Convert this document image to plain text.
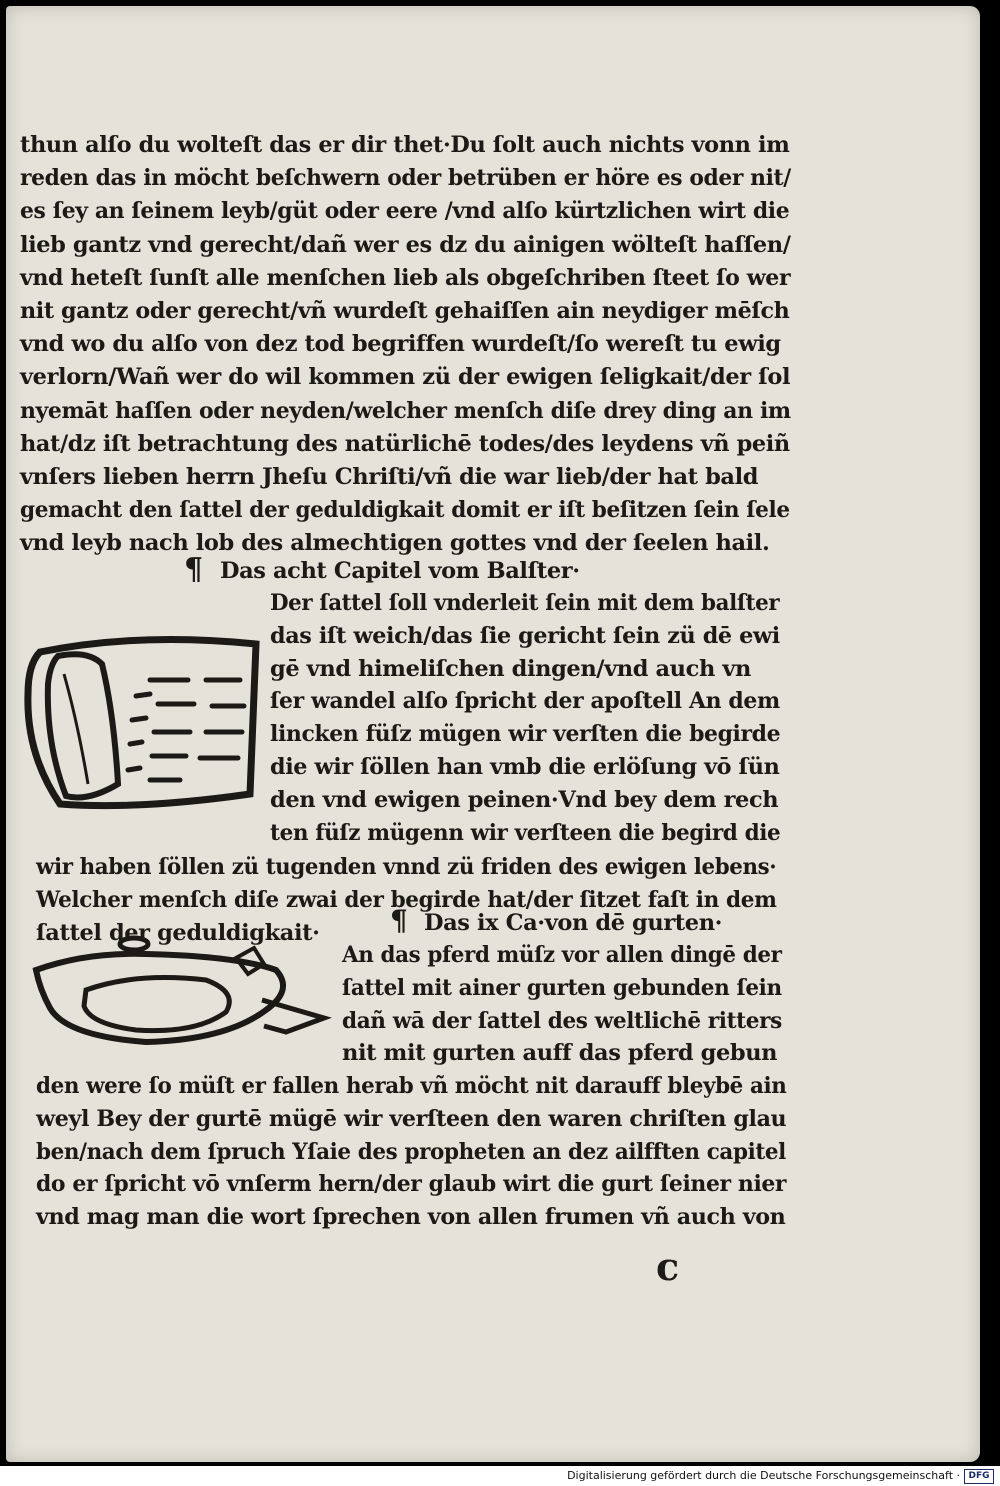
thun alſo du wolteſt das er dir thet·Du ſolt auch nichts vonn im
reden das in möcht beſchwern oder betrüben er höre es oder nit/
es ſey an ſeinem leyb/güt oder eere /vnd alſo kürtzlichen wirt die
lieb gantz vnd gerecht/dañ wer es dz du ainigen wölteſt haſſen/
vnd heteſt ſunſt alle menſchen lieb als obgeſchriben ſteet ſo wer
nit gantz oder gerecht/vñ wurdeſt gehaiſſen ain neydiger mēſch
vnd wo du alſo von dez tod begriffen wurdeſt/ſo wereſt tu ewig
verlorn/Wañ wer do wil kommen zü der ewigen ſeligkait/der ſol
nyemāt haſſen oder neyden/welcher menſch diſe drey ding an im
hat/dz iſt betrachtung des natürlichē todes/des leydens vñ peiñ
vnſers lieben herrn Jheſu Chriſti/vñ die war lieb/der hat bald
gemacht den ſattel der geduldigkait domit er iſt beſitzen ſein ſele
vnd leyb nach lob des almechtigen gottes vnd der ſeelen hail.
¶ Das acht Capitel vom Balſter·
Der ſattel ſoll vnderleit ſein mit dem balſter
das iſt weich/das ſie gericht ſein zü dē ewi
gē vnd himeliſchen dingen/vnd auch vn
ſer wandel alſo ſpricht der apoſtell An dem
lincken füſz mügen wir verſten die begirde
die wir ſöllen han vmb die erlöſung vō ſün
den vnd ewigen peinen·Vnd bey dem rech
ten füſz mügenn wir verſteen die begird die
wir haben ſöllen zü tugenden vnnd zü friden des ewigen lebens·
Welcher menſch diſe zwai der begirde hat/der ſitzet faſt in dem
ſattel der geduldigkait·	¶ Das ix Ca·von dē gurten·
An das pferd müſz vor allen dingē der
ſattel mit ainer gurten gebunden ſein
dañ wā der ſattel des weltlichē ritters
nit mit gurten auff das pferd gebun
den were ſo müſt er fallen herab vñ möcht nit darauff bleybē ain
weyl Bey der gurtē mügē wir verſteen den waren chriſten glau
ben/nach dem ſpruch Yſaie des propheten an dez ailfften capitel
do er ſpricht vō vnſerm hern/der glaub wirt die gurt ſeiner nier
vnd mag man die wort ſprechen von allen frumen vñ auch von
c
Digitalisierung gefördert durch die Deutsche Forschungsgemeinschaft · DFG
